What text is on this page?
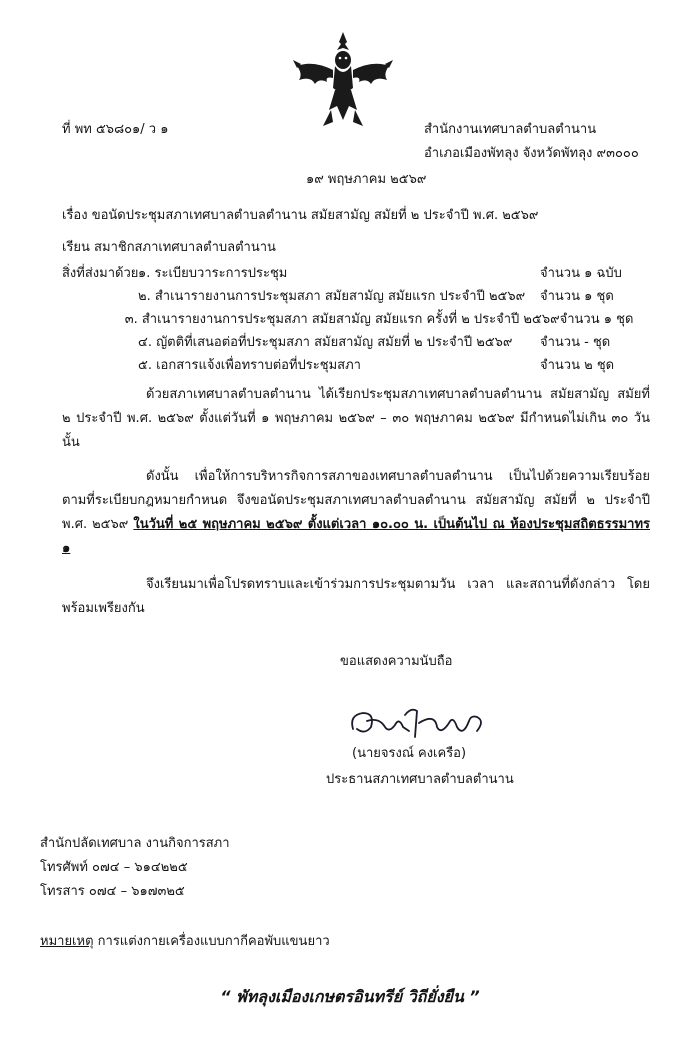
ที่ พท ๕๖๘๐๑/ ว ๑	สำนักงานเทศบาลตำบลตำนาน
อำเภอเมืองพัทลุง จังหวัดพัทลุง ๙๓๐๐๐
๑๙ พฤษภาคม ๒๕๖๙
เรื่อง ขอนัดประชุมสภาเทศบาลตำบลตำนาน สมัยสามัญ สมัยที่ ๒ ประจำปี พ.ศ. ๒๕๖๙
เรียน สมาชิกสภาเทศบาลตำบลตำนาน
สิ่งที่ส่งมาด้วย ๑. ระเบียบวาระการประชุม	จำนวน ๑ ฉบับ
๒. สำเนารายงานการประชุมสภา สมัยสามัญ สมัยแรก ประจำปี ๒๕๖๙	จำนวน ๑ ชุด
๓. สำเนารายงานการประชุมสภา สมัยสามัญ สมัยแรก ครั้งที่ ๒ ประจำปี ๒๕๖๙ จำนวน ๑ ชุด
๔. ญัตติที่เสนอต่อที่ประชุมสภา สมัยสามัญ สมัยที่ ๒ ประจำปี ๒๕๖๙	จำนวน - ชุด
๕. เอกสารแจ้งเพื่อทราบต่อที่ประชุมสภา	จำนวน ๒ ชุด
ด้วยสภาเทศบาลตำบลตำนาน ได้เรียกประชุมสภาเทศบาลตำบลตำนาน สมัยสามัญ สมัยที่ ๒ ประจำปี พ.ศ. ๒๕๖๙ ตั้งแต่วันที่ ๑ พฤษภาคม ๒๕๖๙ – ๓๐ พฤษภาคม ๒๕๖๙ มีกำหนดไม่เกิน ๓๐ วัน นั้น
ดังนั้น เพื่อให้การบริหารกิจการสภาของเทศบาลตำบลตำนาน เป็นไปด้วยความเรียบร้อยตามที่ระเบียบกฎหมายกำหนด จึงขอนัดประชุมสภาเทศบาลตำบลตำนาน สมัยสามัญ สมัยที่ ๒ ประจำปี พ.ศ. ๒๕๖๙ ในวันที่ ๒๕ พฤษภาคม ๒๕๖๙ ตั้งแต่เวลา ๑๐.๐๐ น. เป็นต้นไป ณ ห้องประชุมสถิตธรรมาทร ๑
จึงเรียนมาเพื่อโปรดทราบและเข้าร่วมการประชุมตามวัน เวลา และสถานที่ดังกล่าว โดยพร้อมเพรียงกัน
ขอแสดงความนับถือ
(นายจรงณ์ คงเครือ)
ประธานสภาเทศบาลตำบลตำนาน
สำนักปลัดเทศบาล งานกิจการสภา
โทรศัพท์ ๐๗๔ – ๖๑๔๒๒๕
โทรสาร ๐๗๔ – ๖๑๗๓๒๕
หมายเหตุ การแต่งกายเครื่องแบบกากีคอพับแขนยาว
“ พัทลุงเมืองเกษตรอินทรีย์ วิถียั่งยืน ”
